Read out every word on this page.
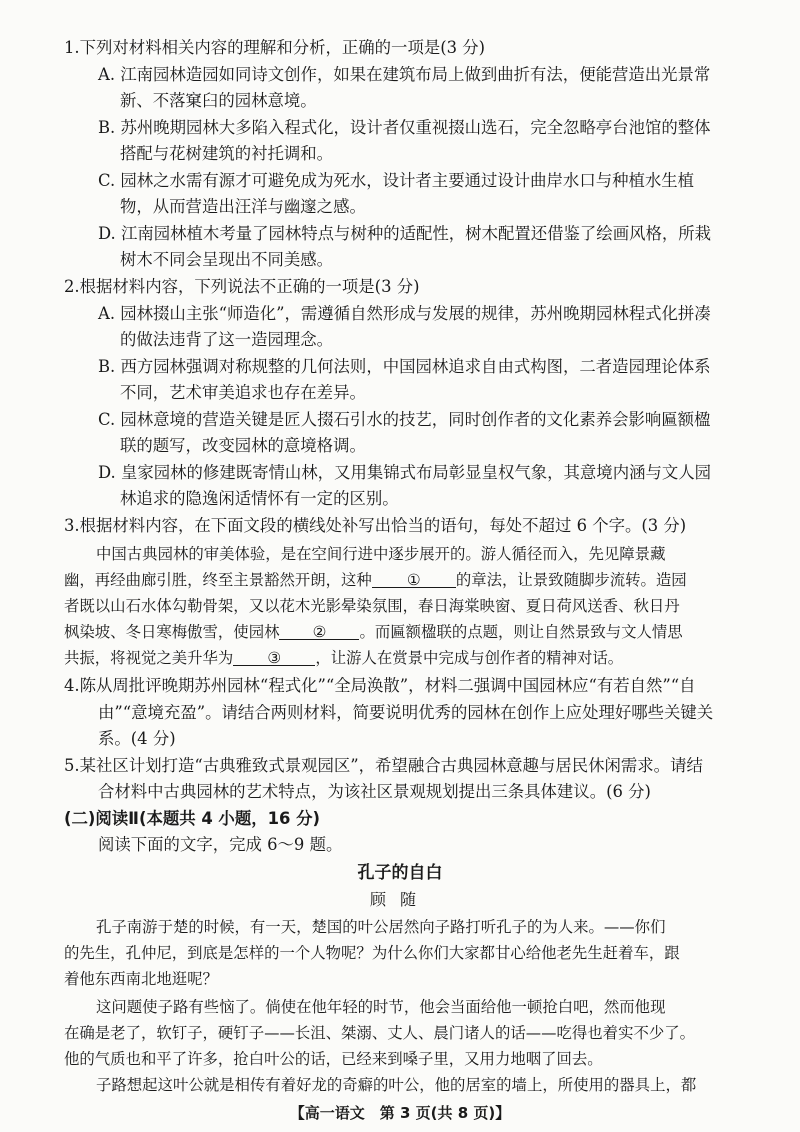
1.下列对材料相关内容的理解和分析，正确的一项是(3 分)
A. 江南园林造园如同诗文创作，如果在建筑布局上做到曲折有法，便能营造出光景常
新、不落窠臼的园林意境。
B. 苏州晚期园林大多陷入程式化，设计者仅重视掇山选石，完全忽略亭台池馆的整体
搭配与花树建筑的衬托调和。
C. 园林之水需有源才可避免成为死水，设计者主要通过设计曲岸水口与种植水生植
物，从而营造出汪洋与幽邃之感。
D. 江南园林植木考量了园林特点与树种的适配性，树木配置还借鉴了绘画风格，所栽
树木不同会呈现出不同美感。
2.根据材料内容，下列说法不正确的一项是(3 分)
A. 园林掇山主张“师造化”，需遵循自然形成与发展的规律，苏州晚期园林程式化拼凑
的做法违背了这一造园理念。
B. 西方园林强调对称规整的几何法则，中国园林追求自由式构图，二者造园理论体系
不同，艺术审美追求也存在差异。
C. 园林意境的营造关键是匠人掇石引水的技艺，同时创作者的文化素养会影响匾额楹
联的题写，改变园林的意境格调。
D. 皇家园林的修建既寄情山林，又用集锦式布局彰显皇权气象，其意境内涵与文人园
林追求的隐逸闲适情怀有一定的区别。
3.根据材料内容，在下面文段的横线处补写出恰当的语句，每处不超过 6 个字。(3 分)
中国古典园林的审美体验，是在空间行进中逐步展开的。游人循径而入，先见障景藏
幽，再经曲廊引胜，终至主景豁然开朗，这种 ① 的章法，让景致随脚步流转。造园
者既以山石水体勾勒骨架，又以花木光影晕染氛围，春日海棠映窗、夏日荷风送香、秋日丹
枫染坡、冬日寒梅傲雪，使园林 ② 。而匾额楹联的点题，则让自然景致与文人情思
共振，将视觉之美升华为 ③ ，让游人在赏景中完成与创作者的精神对话。
4.陈从周批评晚期苏州园林“程式化”“全局涣散”，材料二强调中国园林应“有若自然”“自
由”“意境充盈”。请结合两则材料，简要说明优秀的园林在创作上应处理好哪些关键关
系。(4 分)
5.某社区计划打造“古典雅致式景观园区”，希望融合古典园林意趣与居民休闲需求。请结
合材料中古典园林的艺术特点，为该社区景观规划提出三条具体建议。(6 分)
(二)阅读Ⅱ(本题共 4 小题，16 分)
阅读下面的文字，完成 6～9 题。
孔子的自白
顾随
孔子南游于楚的时候，有一天，楚国的叶公居然向子路打听孔子的为人来。——你们
的先生，孔仲尼，到底是怎样的一个人物呢？为什么你们大家都甘心给他老先生赶着车，跟
着他东西南北地逛呢？
这问题使子路有些恼了。倘使在他年轻的时节，他会当面给他一顿抢白吧，然而他现
在确是老了，软钉子，硬钉子——长沮、桀溺、丈人、晨门诸人的话——吃得也着实不少了。
他的气质也和平了许多，抢白叶公的话，已经来到嗓子里，又用力地咽了回去。
子路想起这叶公就是相传有着好龙的奇癖的叶公，他的居室的墙上，所使用的器具上，都
【高一语文　第 3 页(共 8 页)】
